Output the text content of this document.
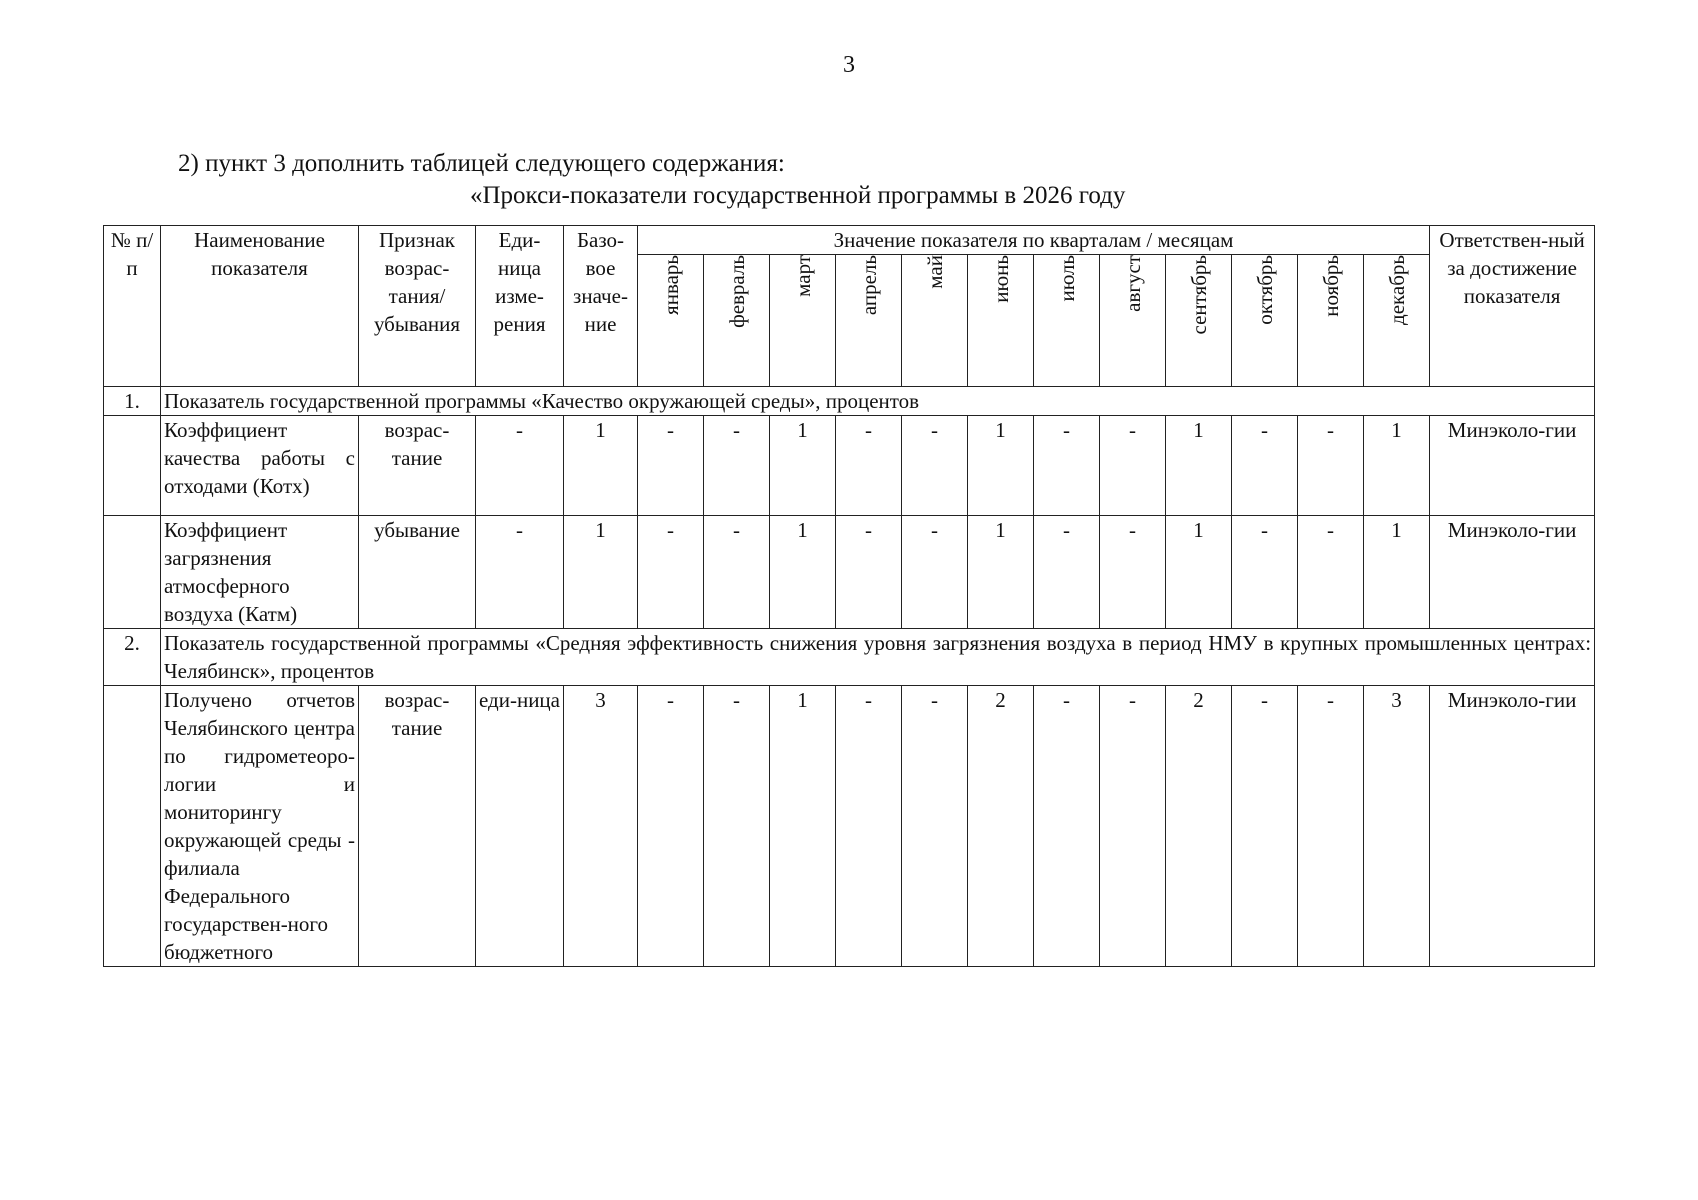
3
2) пункт 3 дополнить таблицей следующего содержания:
«Прокси-показатели государственной программы в 2026 году
№ п/п	Наименование показателя	Признак возрас-тания/ убывания	Еди-ница изме-рения	Базо-вое значе-ние	Значение показателя по кварталам / месяцам												Ответствен-ный за достижение показателя
					январь	февраль	март	апрель	май	июнь	июль	август	сентябрь	октябрь	ноябрь	декабрь	
1.	Показатель государственной программы «Качество окружающей среды», процентов																
	Коэффициент качества работы с отходами (Котх)	возрас-тание	-	1	-	-	1	-	-	1	-	-	1	-	-	1	Минэколо-гии
	Коэффициент загрязнения атмосферного воздуха (Катм)	убывание	-	1	-	-	1	-	-	1	-	-	1	-	-	1	Минэколо-гии
2.	Показатель государственной программы «Средняя эффективность снижения уровня загрязнения воздуха в период НМУ в крупных промышленных центрах: Челябинск», процентов																
	Получено отчетов Челябинского центра по гидрометеоро-логии и мониторингу окружающей среды - филиала Федерального государствен-ного бюджетного	возрас-тание	еди-ница	3	-	-	1	-	-	2	-	-	2	-	-	3	Минэколо-гии
